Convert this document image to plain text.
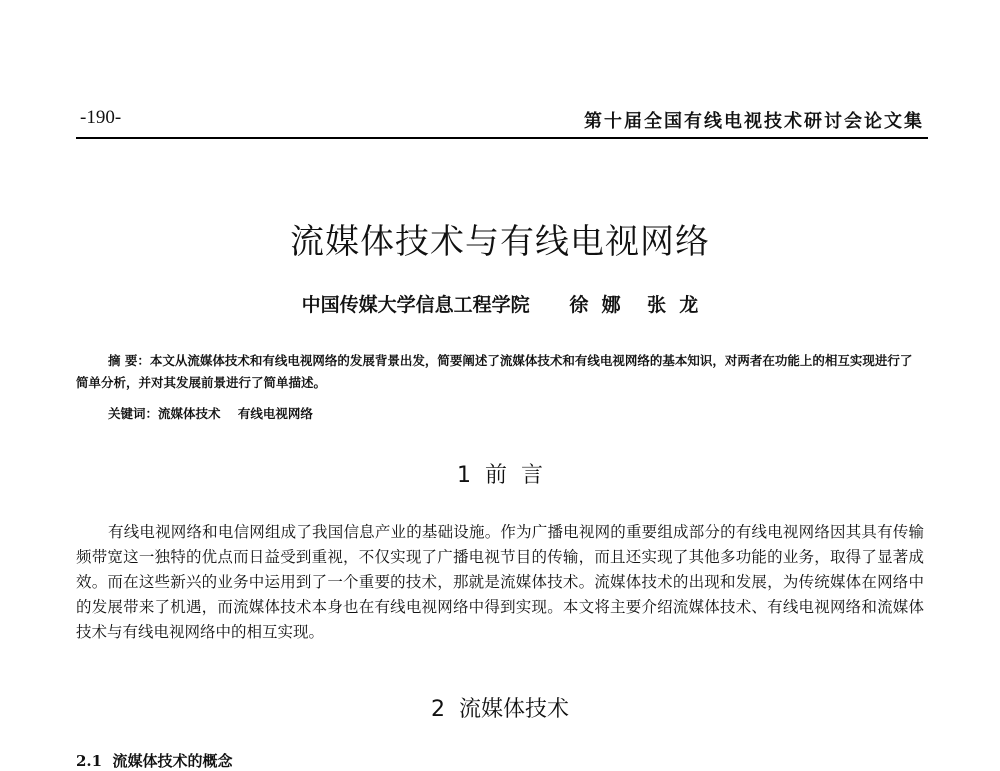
-190-	第十届全国有线电视技术研讨会论文集
流媒体技术与有线电视网络
中国传媒大学信息工程学院 徐  娜    张  龙
摘 要：本文从流媒体技术和有线电视网络的发展背景出发，简要阐述了流媒体技术和有线电视网络的基本知识，对两者在功能上的相互实现进行了简单分析，并对其发展前景进行了简单描述。
关键词：流媒体技术    有线电视网络
1  前  言
有线电视网络和电信网组成了我国信息产业的基础设施。作为广播电视网的重要组成部分的有线电视网络因其具有传输频带宽这一独特的优点而日益受到重视，不仅实现了广播电视节目的传输，而且还实现了其他多功能的业务，取得了显著成效。而在这些新兴的业务中运用到了一个重要的技术，那就是流媒体技术。流媒体技术的出现和发展，为传统媒体在网络中的发展带来了机遇，而流媒体技术本身也在有线电视网络中得到实现。本文将主要介绍流媒体技术、有线电视网络和流媒体技术与有线电视网络中的相互实现。
2  流媒体技术
2.1  流媒体技术的概念
